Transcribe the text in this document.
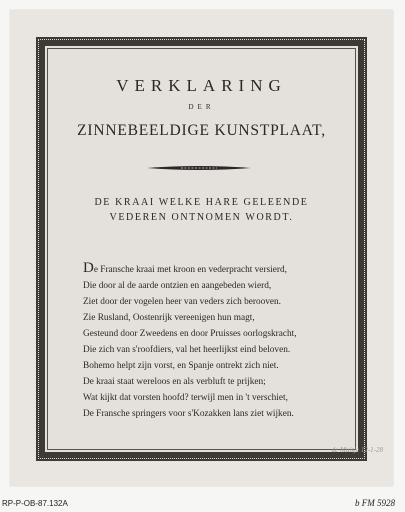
VERKLARING
DER
ZINNEBEELDIGE KUNSTPLAAT,
DE KRAAI WELKE HARE GELEENDE
VEDEREN ONTNOMEN WORDT.
De Fransche kraai met kroon en vederpracht versierd,
Die door al de aarde ontzien en aangebeden wierd,
Ziet door der vogelen heer van veders zich berooven.
Zie Rusland, Oostenrijk vereenigen hun magt,
Gesteund door Zweedens en door Pruisses oorlogskracht,
Die zich van s'roofdiers, val het heerlijkst eind beloven.
Bohemo helpt zijn vorst, en Spanje ontrekt zich niet.
De kraai staat wereloos en als verbluft te prijken;
Wat kijkt dat vorsten hoofd? terwijl men in 't verschiet,
De Fransche springers voor s'Kozakken lans ziet wijken.
de Muisje 12-1-28
RP-P-OB-87.132A	b FM 5928
